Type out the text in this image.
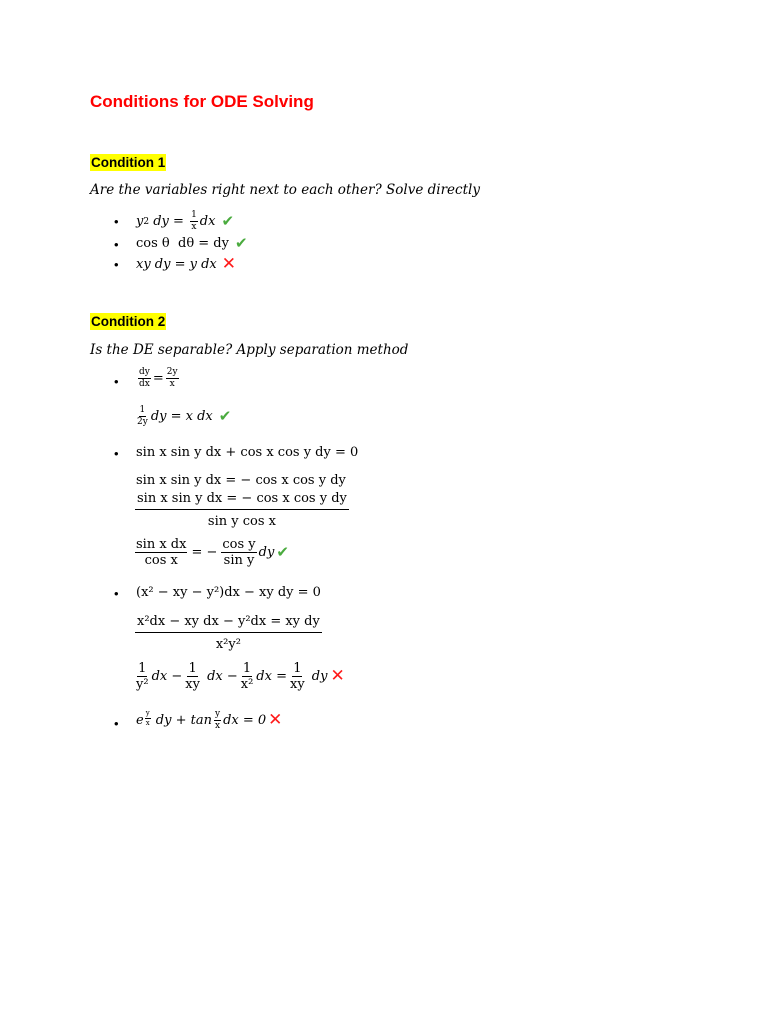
Conditions for ODE Solving
Condition 1
Are the variables right next to each other? Solve directly
• y 2 dy = $\frac{1}{x}$ dx ✔
• cos θ  dθ = dy ✔
• xy dy = y dx ✕
Condition 2
Is the DE separable? Apply separation method
• $\frac{dy}{dx} = \frac{2y}{x}$
1
2y dy = x dx ✔
• sin x sin y dx + cos x cos y dy = 0
sin x sin y dx = − cos x cos y dy
sin x sin y dx = − cos x cos y dy
sin y cos x
$\frac{\text{sin x dx}}{\text{cos x}}$ = − $\frac{\text{cos y}}{\text{sin y}}$ dy ✔
• (x² − xy − y²)dx − xy dy = 0
x²dx − xy dx − y²dx = xy dy
x²y²
1
y²
dx − $\frac{1}{xy}$ dx − $\frac{1}{\text{x²}}$ dx = $\frac{1}{xy}$ dy ✕
• e y
x dy + tan y
x dx = 0 ✕
